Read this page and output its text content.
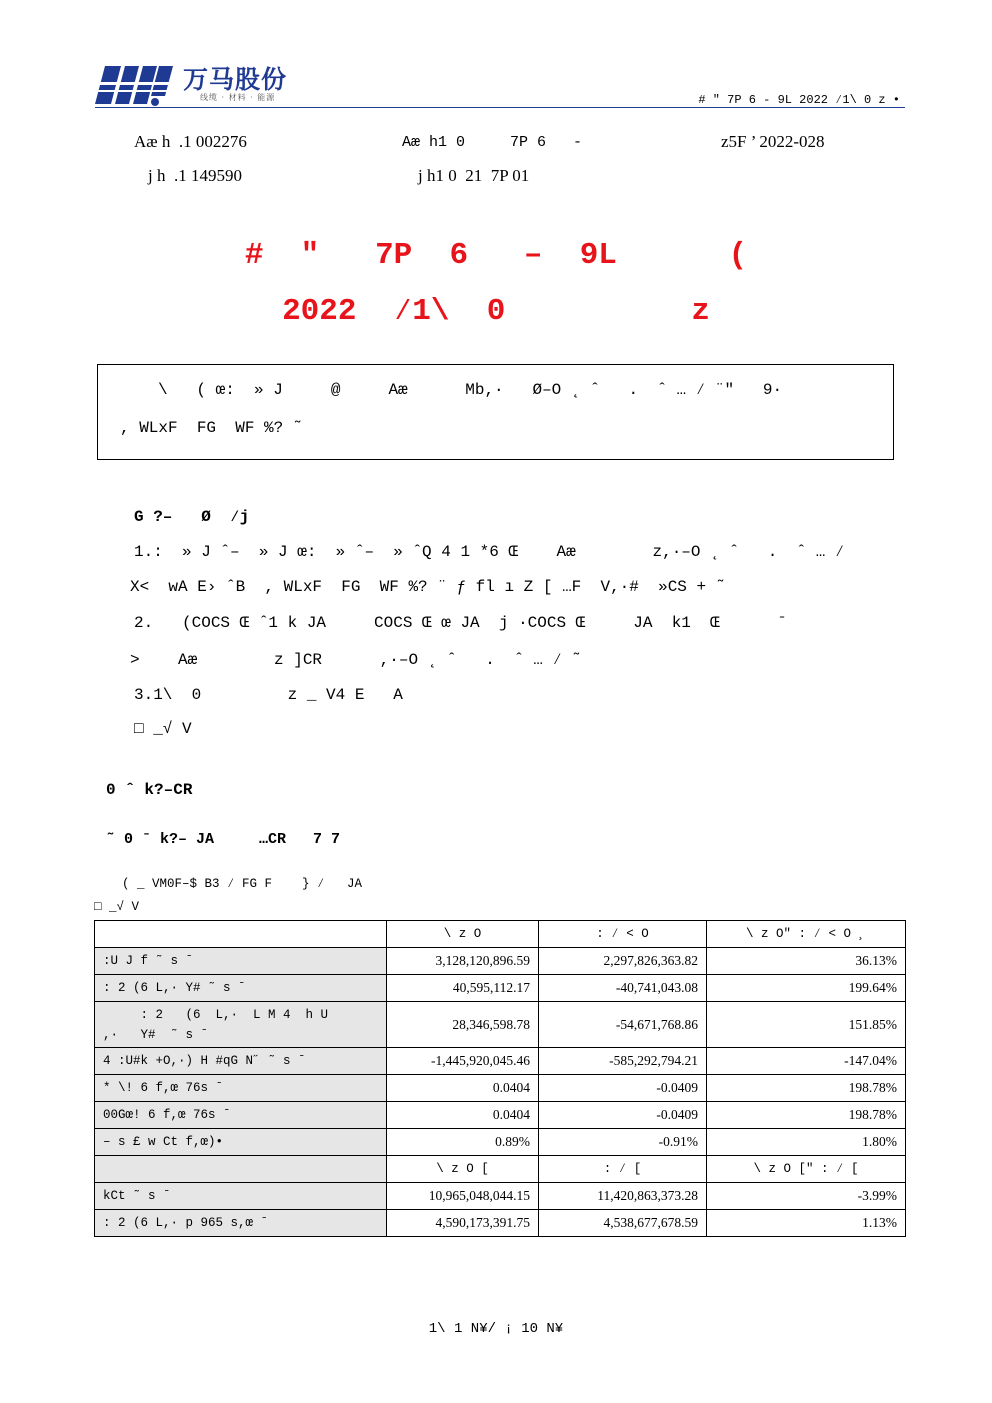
万马股份
线缆 · 材料 · 能源	# " 7P 6 - 9L 2022 ⁄1\ 0 z •
Aæ h  .1 002276	Aæ h1 0     7P 6   -	z5F ’ 2022-028
j h  .1 149590	j h1 0  21  7P 01
#  "   7P  6   –  9L      (
2022  ⁄1\  0          z
\   ( œ:  » J     @     Aæ      Mb,·   Ø–O ˛ ˆ   .  ˆ … ⁄ ¨"   9·
, WLxF  FG  WF %? ˜
G ?–   Ø  ⁄j
1.:  » J ˆ–  » J œ:  » ˆ–  » ˆQ 4 1 *6 Œ    Aæ        z,·–O ˛ ˆ   .  ˆ … ⁄
X<  wA E› ˆB  , WLxF  FG  WF %? ¨ ƒ fl ı Z [ …F  V,·#  »CS + ˜
2.   (COCS Œ ˆ1 k JA     COCS Œ œ JA  j ·COCS Œ     JA  k1  Œ      ˉ
>    Aæ        z ]CR      ,·–O ˛ ˆ   .  ˆ … ⁄ ˜
3.1\  0         z _ V4 E   A
□ _√ V
0 ˆ k?–CR
˜ 0 ˉ k?– JA     …CR   7 7
( _ VM0F–$ B3 ⁄ FG F    } ⁄   JA
□ _√ V
	\ z O	: ⁄ < O	\ z O" : ⁄ < O ¸
:U J f ˜ s ˉ	3,128,120,896.59	2,297,826,363.82	36.13%
: 2 (6 L,· Y# ˜ s ˉ	40,595,112.17	-40,741,043.08	199.64%

: 2   (6  L,·  L M 4  h U
,·   Y#  ˜ s ˉ	28,346,598.78	-54,671,768.86	151.85%
4 :U#k +O,·) H #qG N˝ ˜ s ˉ	-1,445,920,045.46	-585,292,794.21	-147.04%
* \! 6 f,œ 76s ˉ	0.0404	-0.0409	198.78%
00Gœ! 6 f,œ 76s ˉ	0.0404	-0.0409	198.78%
– s £ w Ct f,œ)•	0.89%	-0.91%	1.80%
	\ z O [	: ⁄ [	\ z O [" : ⁄ [
kCt ˜ s ˉ	10,965,048,044.15	11,420,863,373.28	-3.99%
: 2 (6 L,· p 965 s,œ ˉ	4,590,173,391.75	4,538,677,678.59	1.13%
1\ 1 N¥/ ¡ 10 N¥
